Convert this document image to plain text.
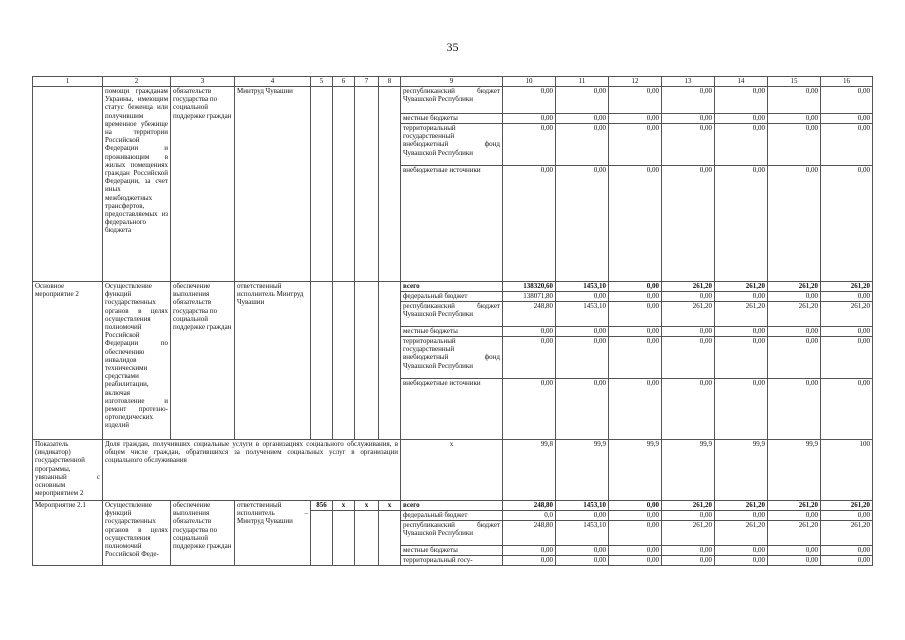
35
1	2	3	4	5	6	7	8	9	10	11	12	13	14	15	16
	помощи гражданам Украины, имеющим статус беженца или получившим временное убежище на территории Российской Федерации и проживающим в жилых помещениях граждан Российской Федерации, за счет иных межбюджетных трансфертов, предоставляемых из федерального бюджета	обязательств государства по социальной поддержке граждан	Минтруд Чувашии					республиканский бюджет Чувашской Республики	0,00	0,00	0,00	0,00	0,00	0,00	0,00
								местные бюджеты	0,00	0,00	0,00	0,00	0,00	0,00	0,00
								территориальный государственный внебюджетный фонд Чувашской Республики	0,00	0,00	0,00	0,00	0,00	0,00	0,00
								внебюджетные источники	0,00	0,00	0,00	0,00	0,00	0,00	0,00
Основное мероприятие 2	Осуществление функций государственных органов в целях осуществления полномочий Российской Федерации по обеспечению инвалидов техническими средствами реабилитации, включая изготовление и ремонт протезно-ортопедических изделий	обеспечение выполнения обязательств государства по социальной поддержке граждан	ответственный исполнитель Минтруд Чувашии					всего	138320,60	1453,10	0,00	261,20	261,20	261,20	261,20
								федеральный бюджет	138071,80	0,00	0,00	0,00	0,00	0,00	0,00
								республиканский бюджет Чувашской Республики	248,80	1453,10	0,00	261,20	261,20	261,20	261,20
								местные бюджеты	0,00	0,00	0,00	0,00	0,00	0,00	0,00
								территориальный государственный внебюджетный фонд Чувашской Республики	0,00	0,00	0,00	0,00	0,00	0,00	0,00
								внебюджетные источники	0,00	0,00	0,00	0,00	0,00	0,00	0,00
Показатель (индикатор) государственной программы, увязанный с основным мероприятием 2	Доля граждан, получивших социальные услуги в организациях социального обслуживания, в общем числе граждан, обратившихся за получением социальных услуг в организации социального обслуживания							x	99,8	99,9	99,9	99,9	99,9	99,9	100
Мероприятие 2.1	Осуществление функций государственных органов в целях осуществления полномочий Российской Феде-	обеспечение выполнения обязательств государства по социальной поддержке граждан	ответственный исполнитель – Минтруд Чувашии	856	x	x	x	всего	248,80	1453,10	0,00	261,20	261,20	261,20	261,20
								федеральный бюджет	0,0	0,00	0,00	0,00	0,00	0,00	0,00
								республиканский бюджет Чувашской Республики	248,80	1453,10	0,00	261,20	261,20	261,20	261,20
								местные бюджеты	0,00	0,00	0,00	0,00	0,00	0,00	0,00
								территориальный госу-	0,00	0,00	0,00	0,00	0,00	0,00	0,00
